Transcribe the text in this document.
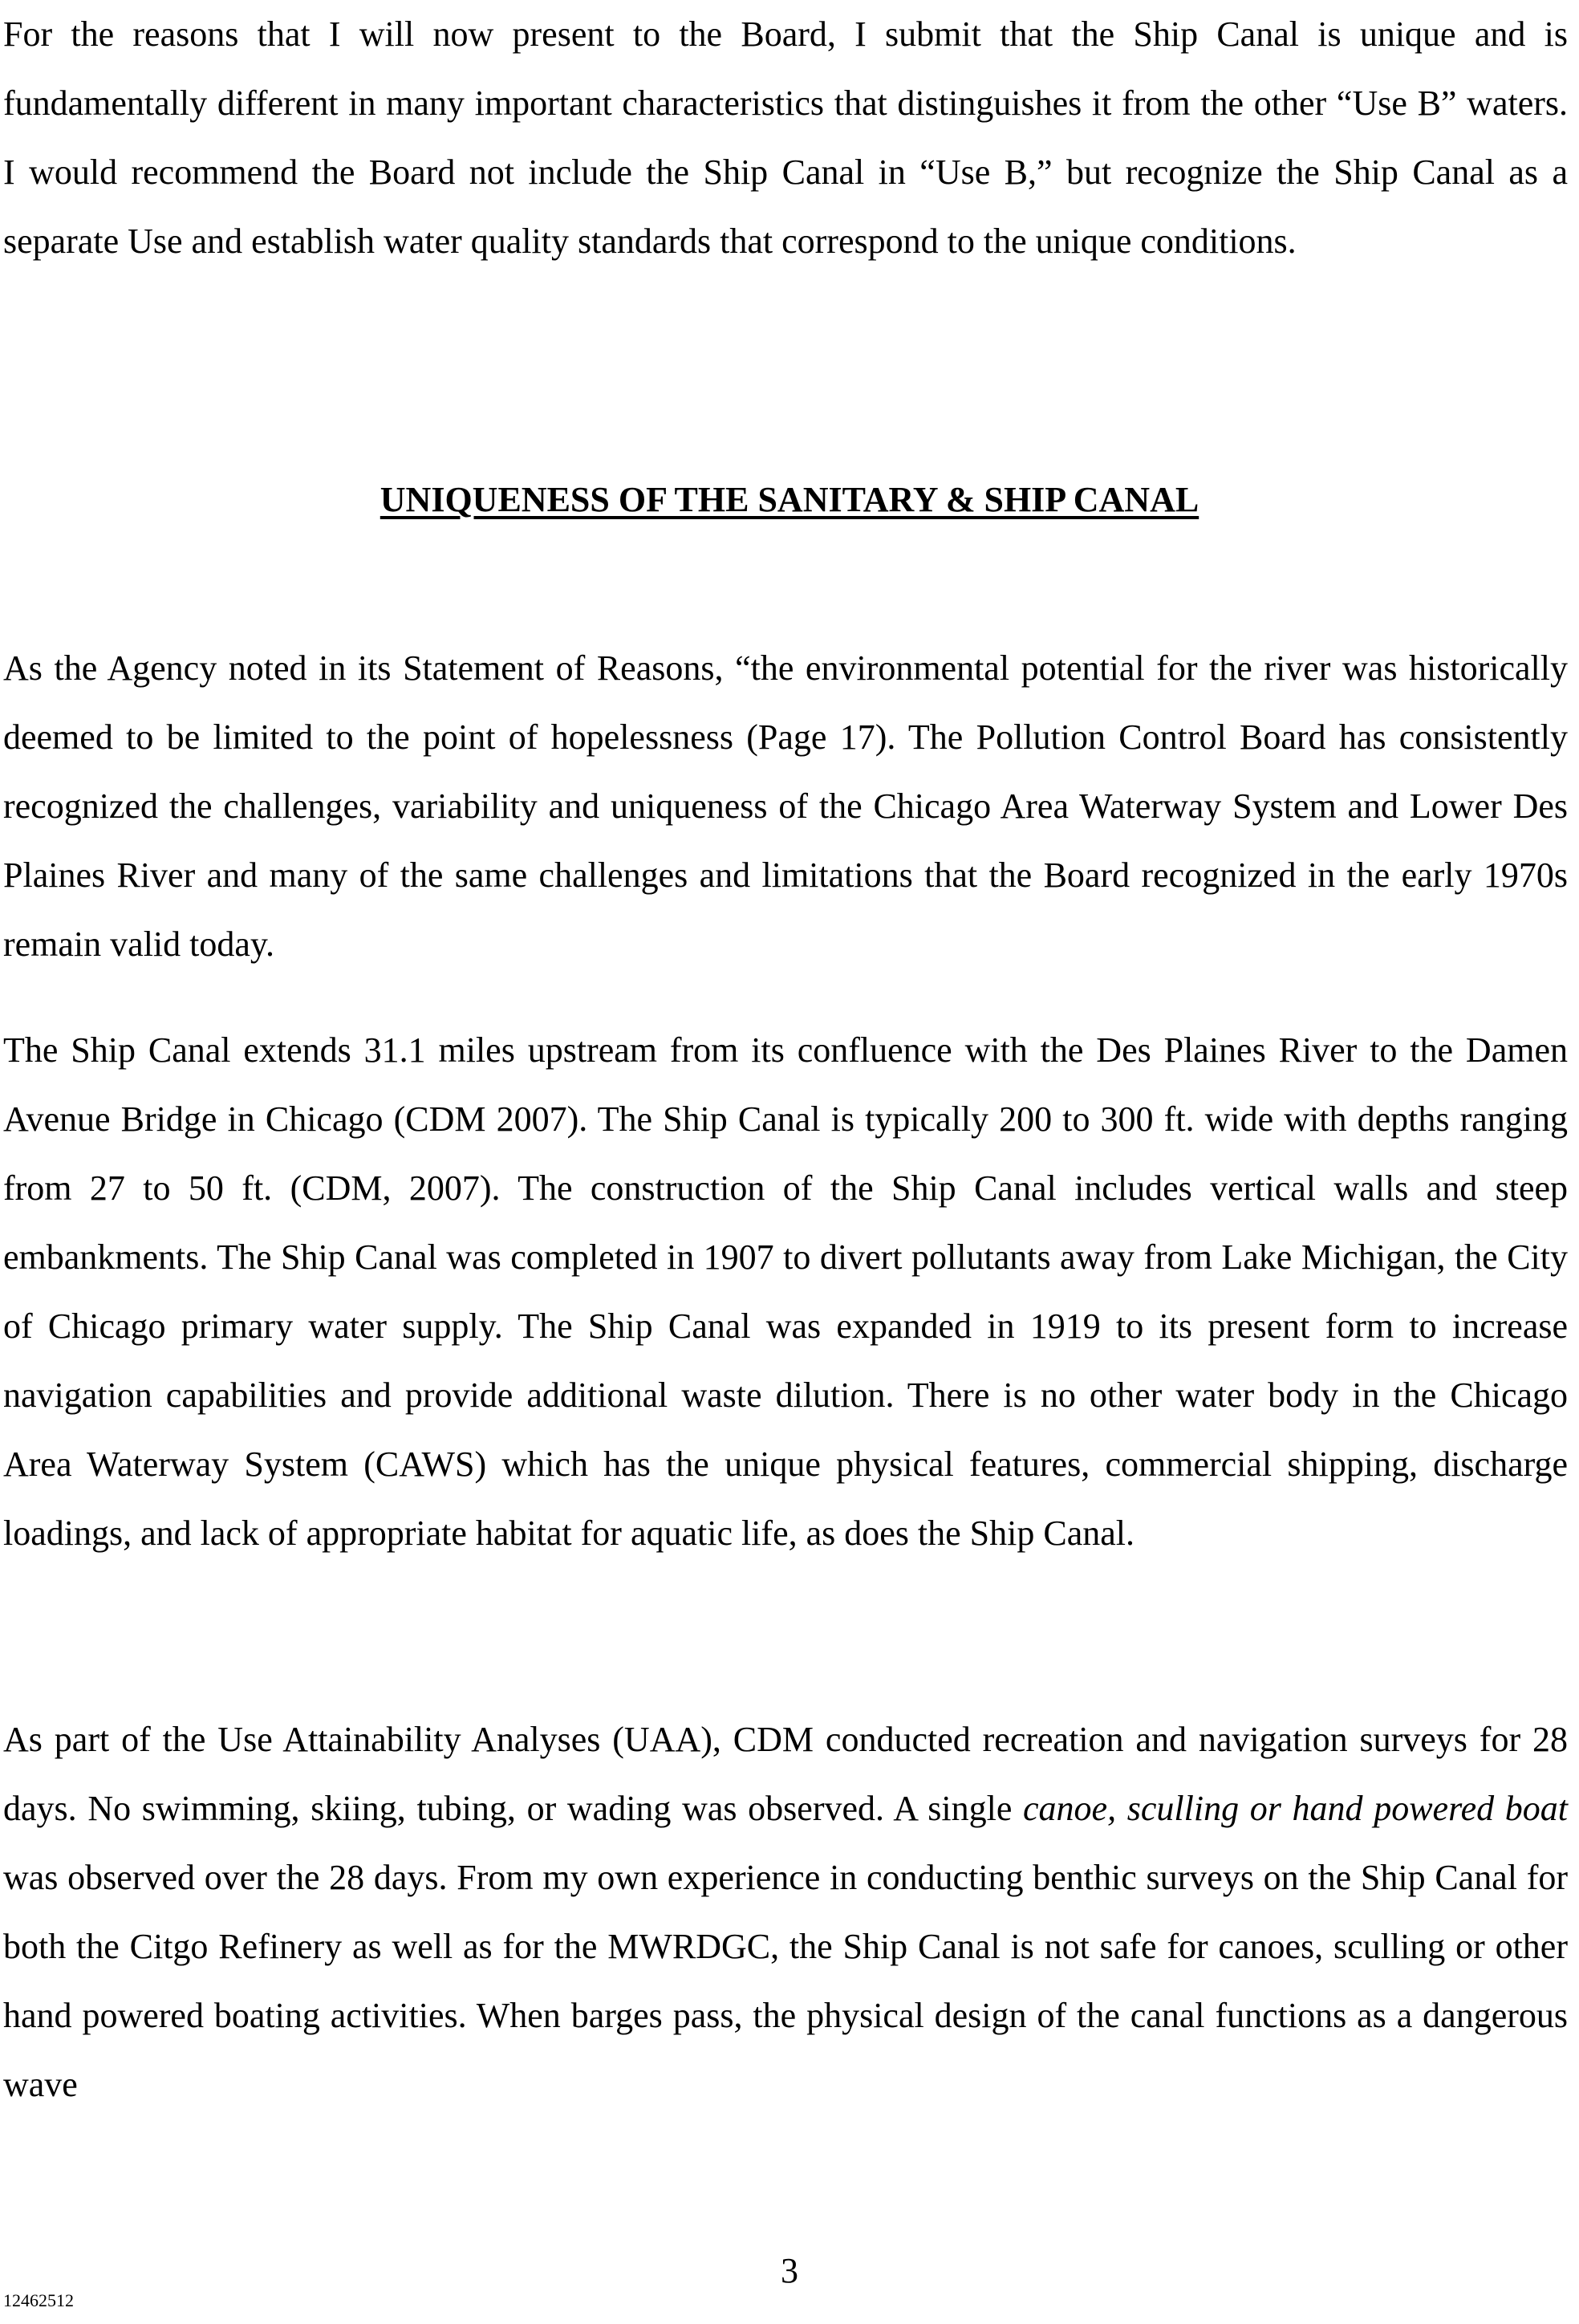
For the reasons that I will now present to the Board, I submit that the Ship Canal is unique and is fundamentally different in many important characteristics that distinguishes it from the other “Use B” waters. I would recommend the Board not include the Ship Canal in “Use B,” but recognize the Ship Canal as a separate Use and establish water quality standards that correspond to the unique conditions.

UNIQUENESS OF THE SANITARY & SHIP CANAL

As the Agency noted in its Statement of Reasons, “the environmental potential for the river was historically deemed to be limited to the point of hopelessness (Page 17). The Pollution Control Board has consistently recognized the challenges, variability and uniqueness of the Chicago Area Waterway System and Lower Des Plaines River and many of the same challenges and limitations that the Board recognized in the early 1970s remain valid today.

The Ship Canal extends 31.1 miles upstream from its confluence with the Des Plaines River to the Damen Avenue Bridge in Chicago (CDM 2007). The Ship Canal is typically 200 to 300 ft. wide with depths ranging from 27 to 50 ft. (CDM, 2007). The construction of the Ship Canal includes vertical walls and steep embankments. The Ship Canal was completed in 1907 to divert pollutants away from Lake Michigan, the City of Chicago primary water supply. The Ship Canal was expanded in 1919 to its present form to increase navigation capabilities and provide additional waste dilution. There is no other water body in the Chicago Area Waterway System (CAWS) which has the unique physical features, commercial shipping, discharge loadings, and lack of appropriate habitat for aquatic life, as does the Ship Canal.

As part of the Use Attainability Analyses (UAA), CDM conducted recreation and navigation surveys for 28 days. No swimming, skiing, tubing, or wading was observed. A single canoe, sculling or hand powered boat was observed over the 28 days. From my own experience in conducting benthic surveys on the Ship Canal for both the Citgo Refinery as well as for the MWRDGC, the Ship Canal is not safe for canoes, sculling or other hand powered boating activities. When barges pass, the physical design of the canal functions as a dangerous wave

3
12462512
